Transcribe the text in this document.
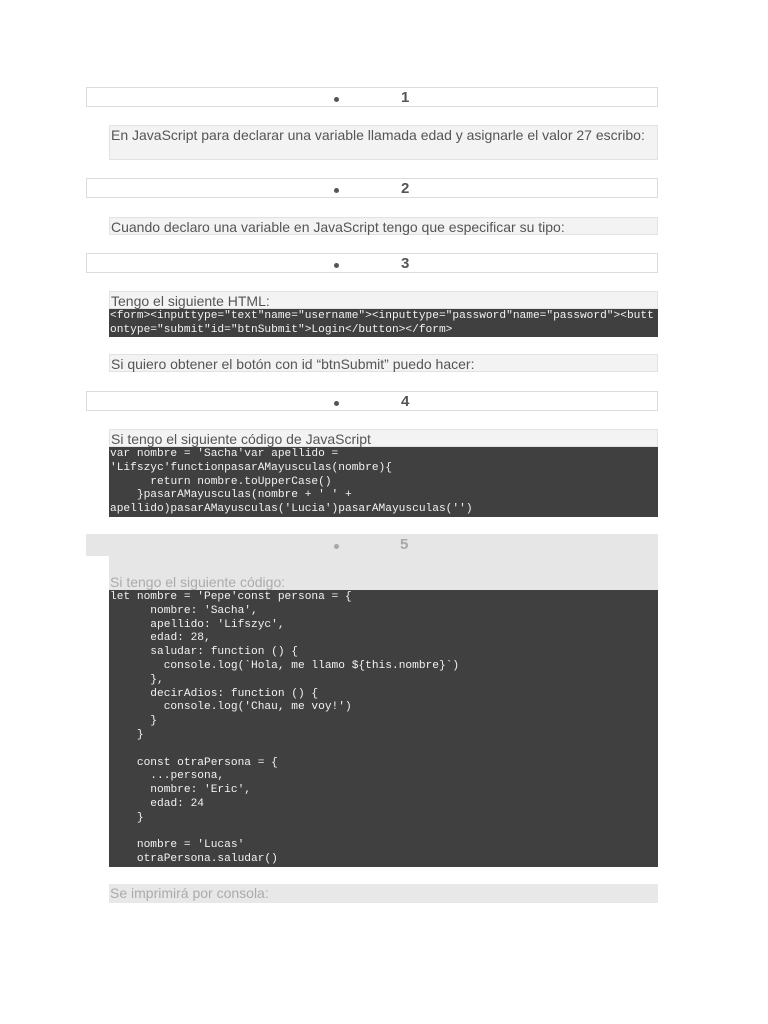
1
En JavaScript para declarar una variable llamada edad y asignarle el valor 27 escribo:
2
Cuando declaro una variable en JavaScript tengo que especificar su tipo:
3
Tengo el siguiente HTML:
<form><inputtype="text"name="username"><inputtype="password"name="password"><buttontype="submit"id="btnSubmit">Login</button></form>
Si quiero obtener el botón con id “btnSubmit” puedo hacer:
4
Si tengo el siguiente código de JavaScript
var nombre = 'Sacha'var apellido =
'Lifszyc'functionpasarAMayusculas(nombre){
return nombre.toUpperCase()
}pasarAMayusculas(nombre + ' ' +
apellido)pasarAMayusculas('Lucia')pasarAMayusculas('')
5
Si tengo el siguiente código:
let nombre = 'Pepe'const persona = {
nombre: 'Sacha',
apellido: 'Lifszyc',
edad: 28,
saludar: function () {
console.log(`Hola, me llamo ${this.nombre}`)
},
decirAdios: function () {
console.log('Chau, me voy!')
}
}

const otraPersona = {
...persona,
nombre: 'Eric',
edad: 24
}

nombre = 'Lucas'
otraPersona.saludar()
Se imprimirá por consola:
